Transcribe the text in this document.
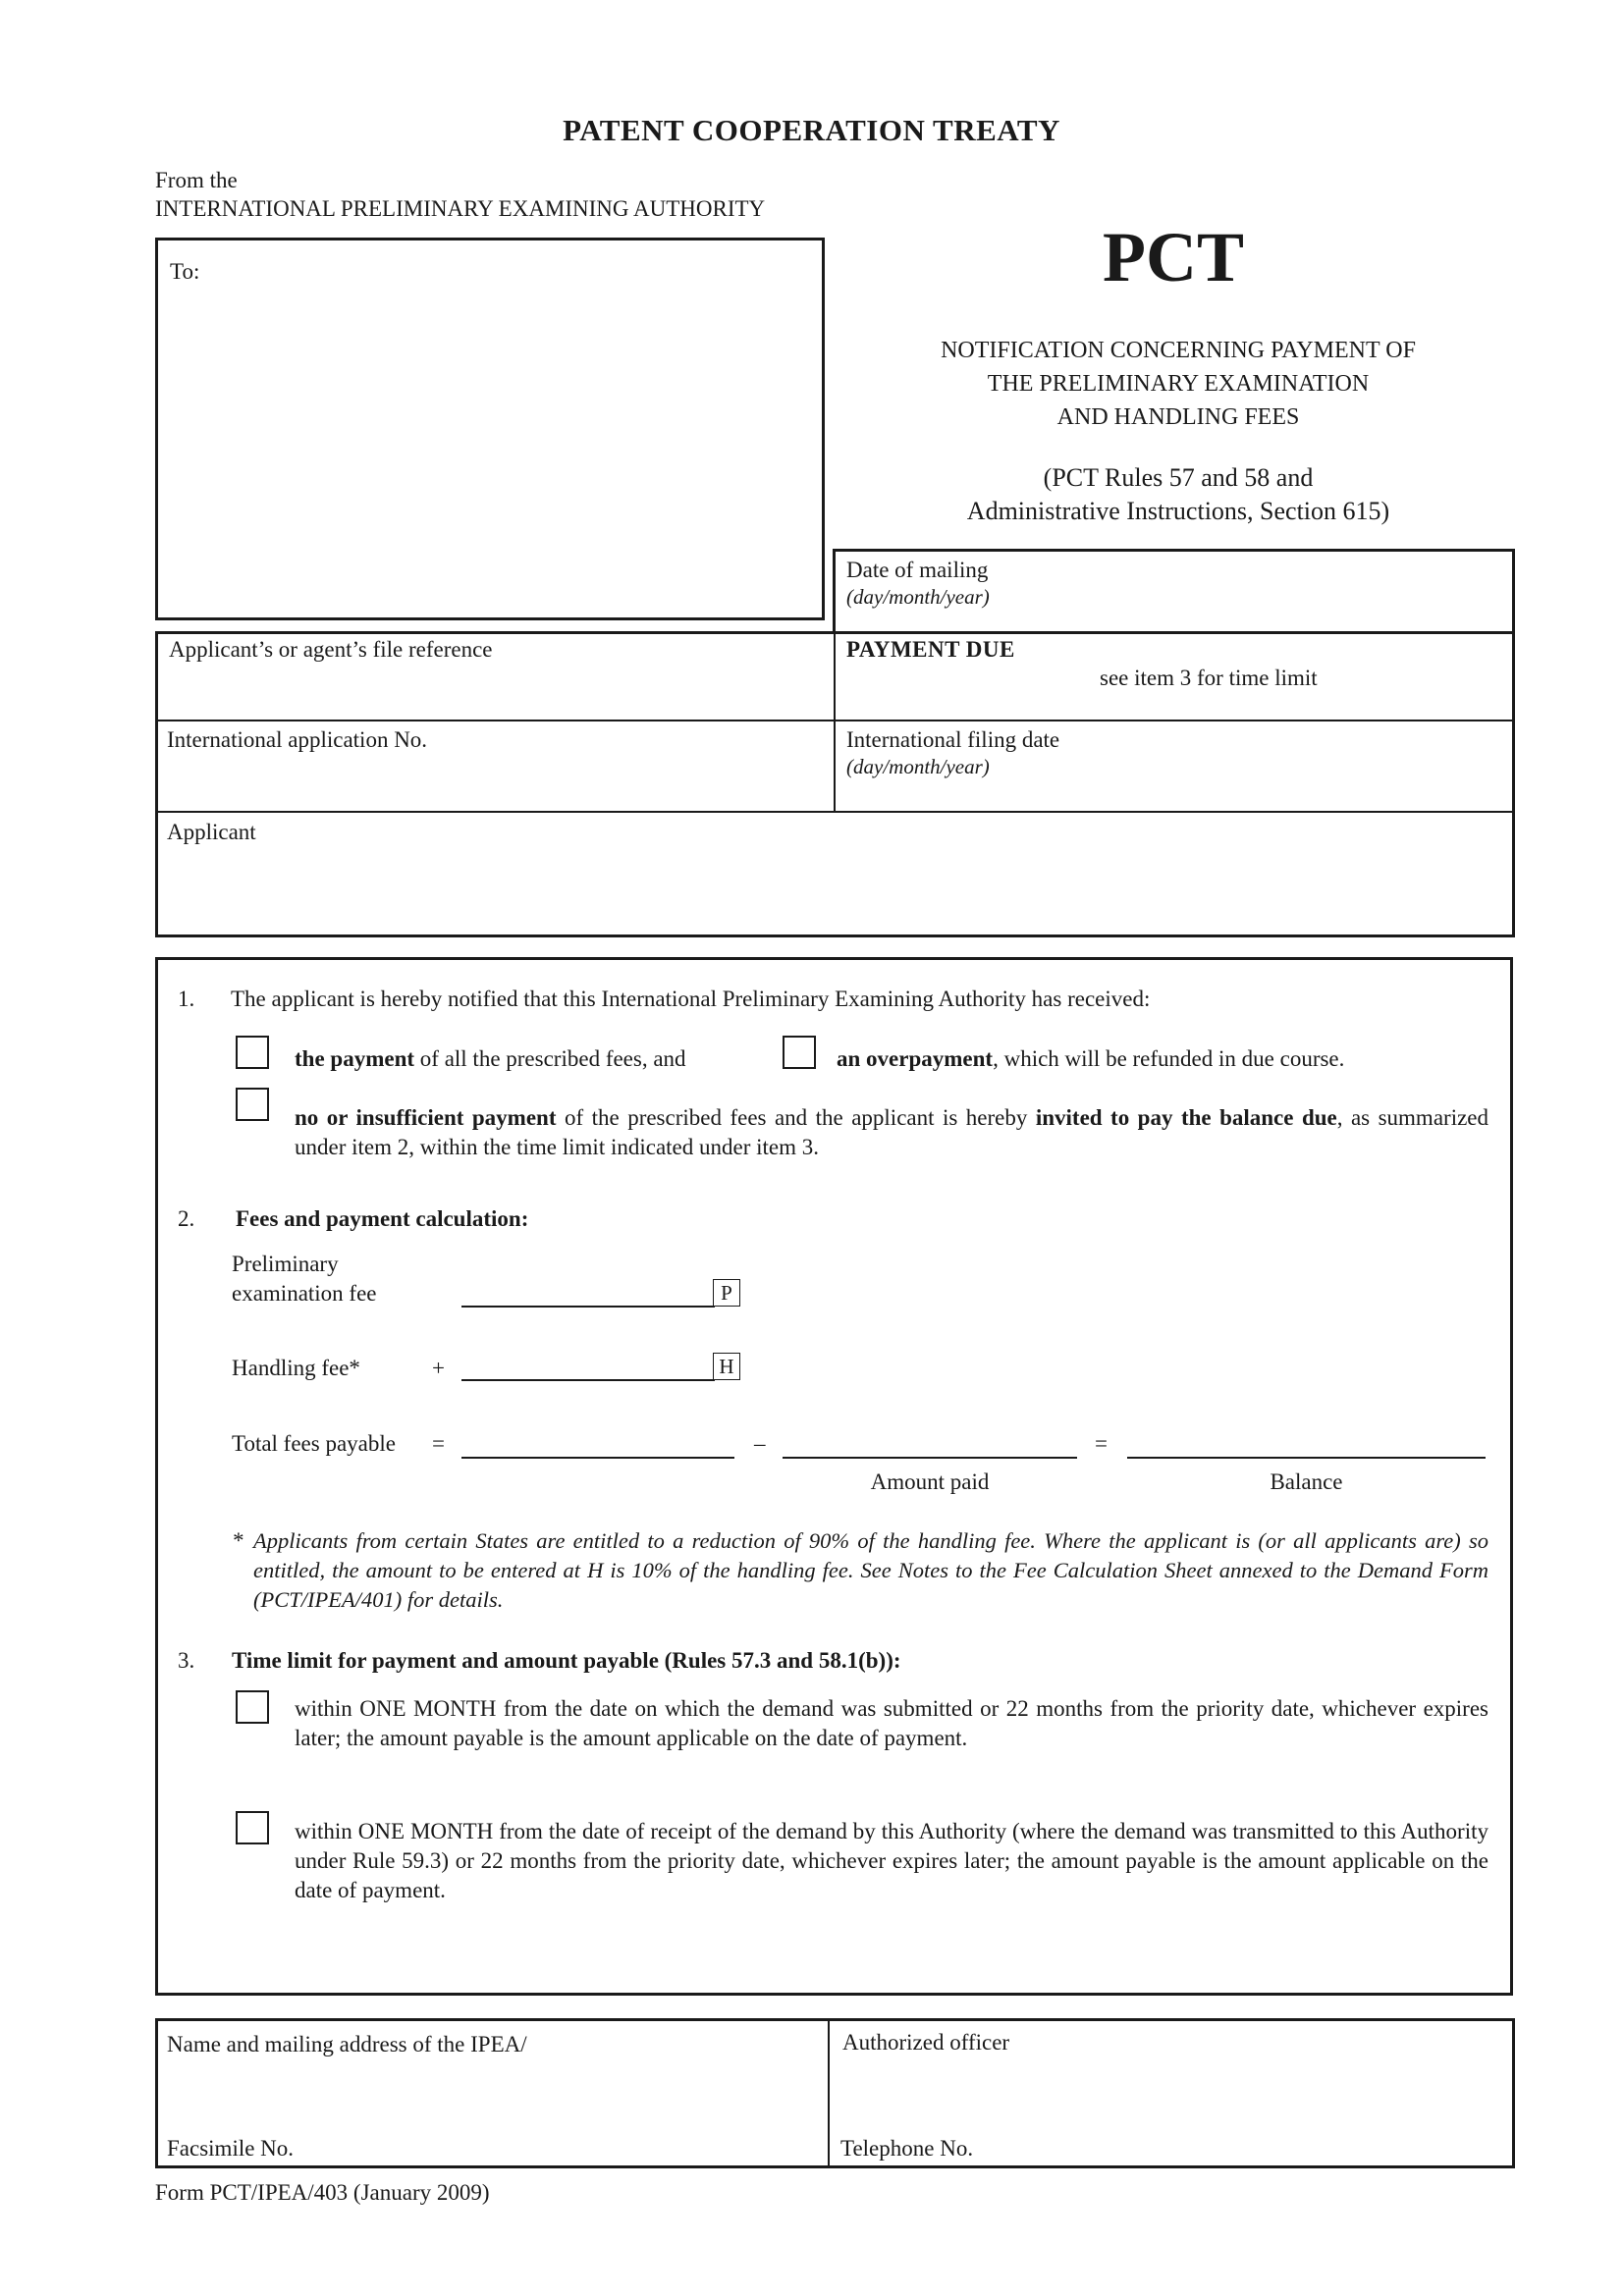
PATENT COOPERATION TREATY
From the
INTERNATIONAL PRELIMINARY EXAMINING AUTHORITY
To:	PCT
NOTIFICATION CONCERNING PAYMENT OF
THE PRELIMINARY EXAMINATION
AND HANDLING FEES
(PCT Rules 57 and 58 and
Administrative Instructions, Section 615)
Date of mailing
(day/month/year)
Applicant’s or agent’s file reference	PAYMENT DUE
see item 3 for time limit
International application No.	International filing date
(day/month/year)
Applicant
1. The applicant is hereby notified that this International Preliminary Examining Authority has received:
the payment of all the prescribed fees, and	an overpayment, which will be refunded in due course.
no or insufficient payment of the prescribed fees and the applicant is hereby invited to pay the balance due, as summarized under item 2, within the time limit indicated under item 3.
2. Fees and payment calculation:
Preliminary
examination fee	P
Handling fee*	+	H
Total fees payable =	–	=
Amount paid	Balance
* Applicants from certain States are entitled to a reduction of 90% of the handling fee. Where the applicant is (or all applicants are) so entitled, the amount to be entered at H is 10% of the handling fee. See Notes to the Fee Calculation Sheet annexed to the Demand Form (PCT/IPEA/401) for details.
3. Time limit for payment and amount payable (Rules 57.3 and 58.1(b)):
within ONE MONTH from the date on which the demand was submitted or 22 months from the priority date, whichever expires later; the amount payable is the amount applicable on the date of payment.
within ONE MONTH from the date of receipt of the demand by this Authority (where the demand was transmitted to this Authority under Rule 59.3) or 22 months from the priority date, whichever expires later; the amount payable is the amount applicable on the date of payment.
Name and mailing address of the IPEA/
Facsimile No.
Authorized officer
Telephone No.
Form PCT/IPEA/403 (January 2009)
